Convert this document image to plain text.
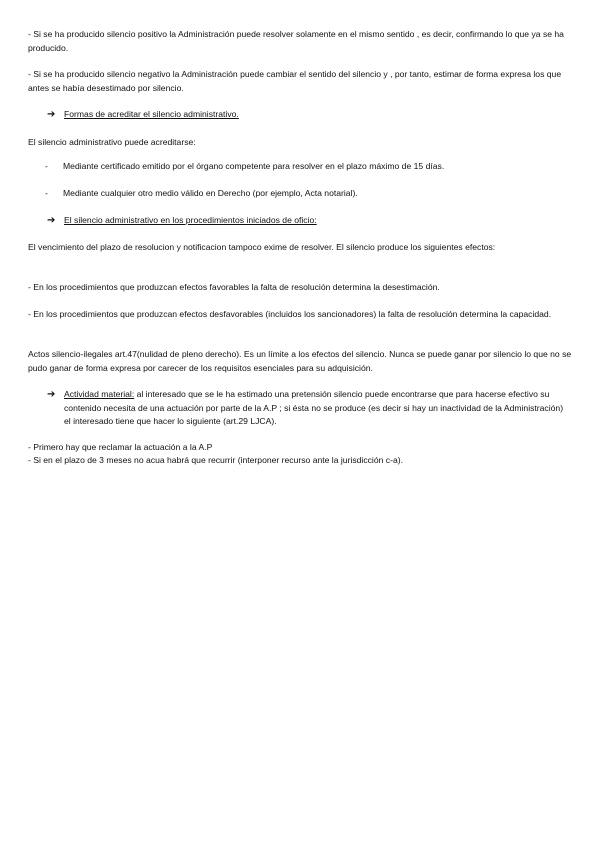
- Si se ha producido silencio positivo la Administración puede resolver solamente en el mismo sentido , es decir, confirmando lo que ya se ha producido.

- Si se ha producido silencio negativo la Administración puede cambiar el sentido del silencio y , por tanto, estimar de forma expresa los que antes se había desestimado por silencio.

➔ Formas de acreditar el silencio administrativo.

El silencio administrativo puede acreditarse:

- Mediante certificado emitido por el órgano competente para resolver en el plazo máximo de 15 días.
- Mediante cualquier otro medio válido en Derecho (por ejemplo, Acta notarial).
➔ El silencio administrativo en los procedimientos iniciados de oficio:

El vencimiento del plazo de resolucion y notificacion tampoco exime de resolver. El silencio produce los siguientes efectos:

- En los procedimientos que produzcan efectos favorables la falta de resolución determina la desestimación.

- En los procedimientos que produzcan efectos desfavorables (incluidos los sancionadores) la falta de resolución determina la capacidad.

Actos silencio-ilegales art.47(nulidad de pleno derecho). Es un límite a los efectos del silencio. Nunca se puede ganar por silencio lo que no se pudo ganar de forma expresa por carecer de los requisitos esenciales para su adquisición.

➔ Actividad material: al interesado que se le ha estimado una pretensión silencio puede encontrarse que para hacerse efectivo su contenido necesita de una actuación por parte de la A.P ; si ésta no se produce (es decir si hay un inactividad de la Administración) el interesado tiene que hacer lo siguiente (art.29 LJCA).

- Primero hay que reclamar la actuación a la A.P

- Si en el plazo de 3 meses no acua habrá que recurrir (interponer recurso ante la jurisdicción c-a).
